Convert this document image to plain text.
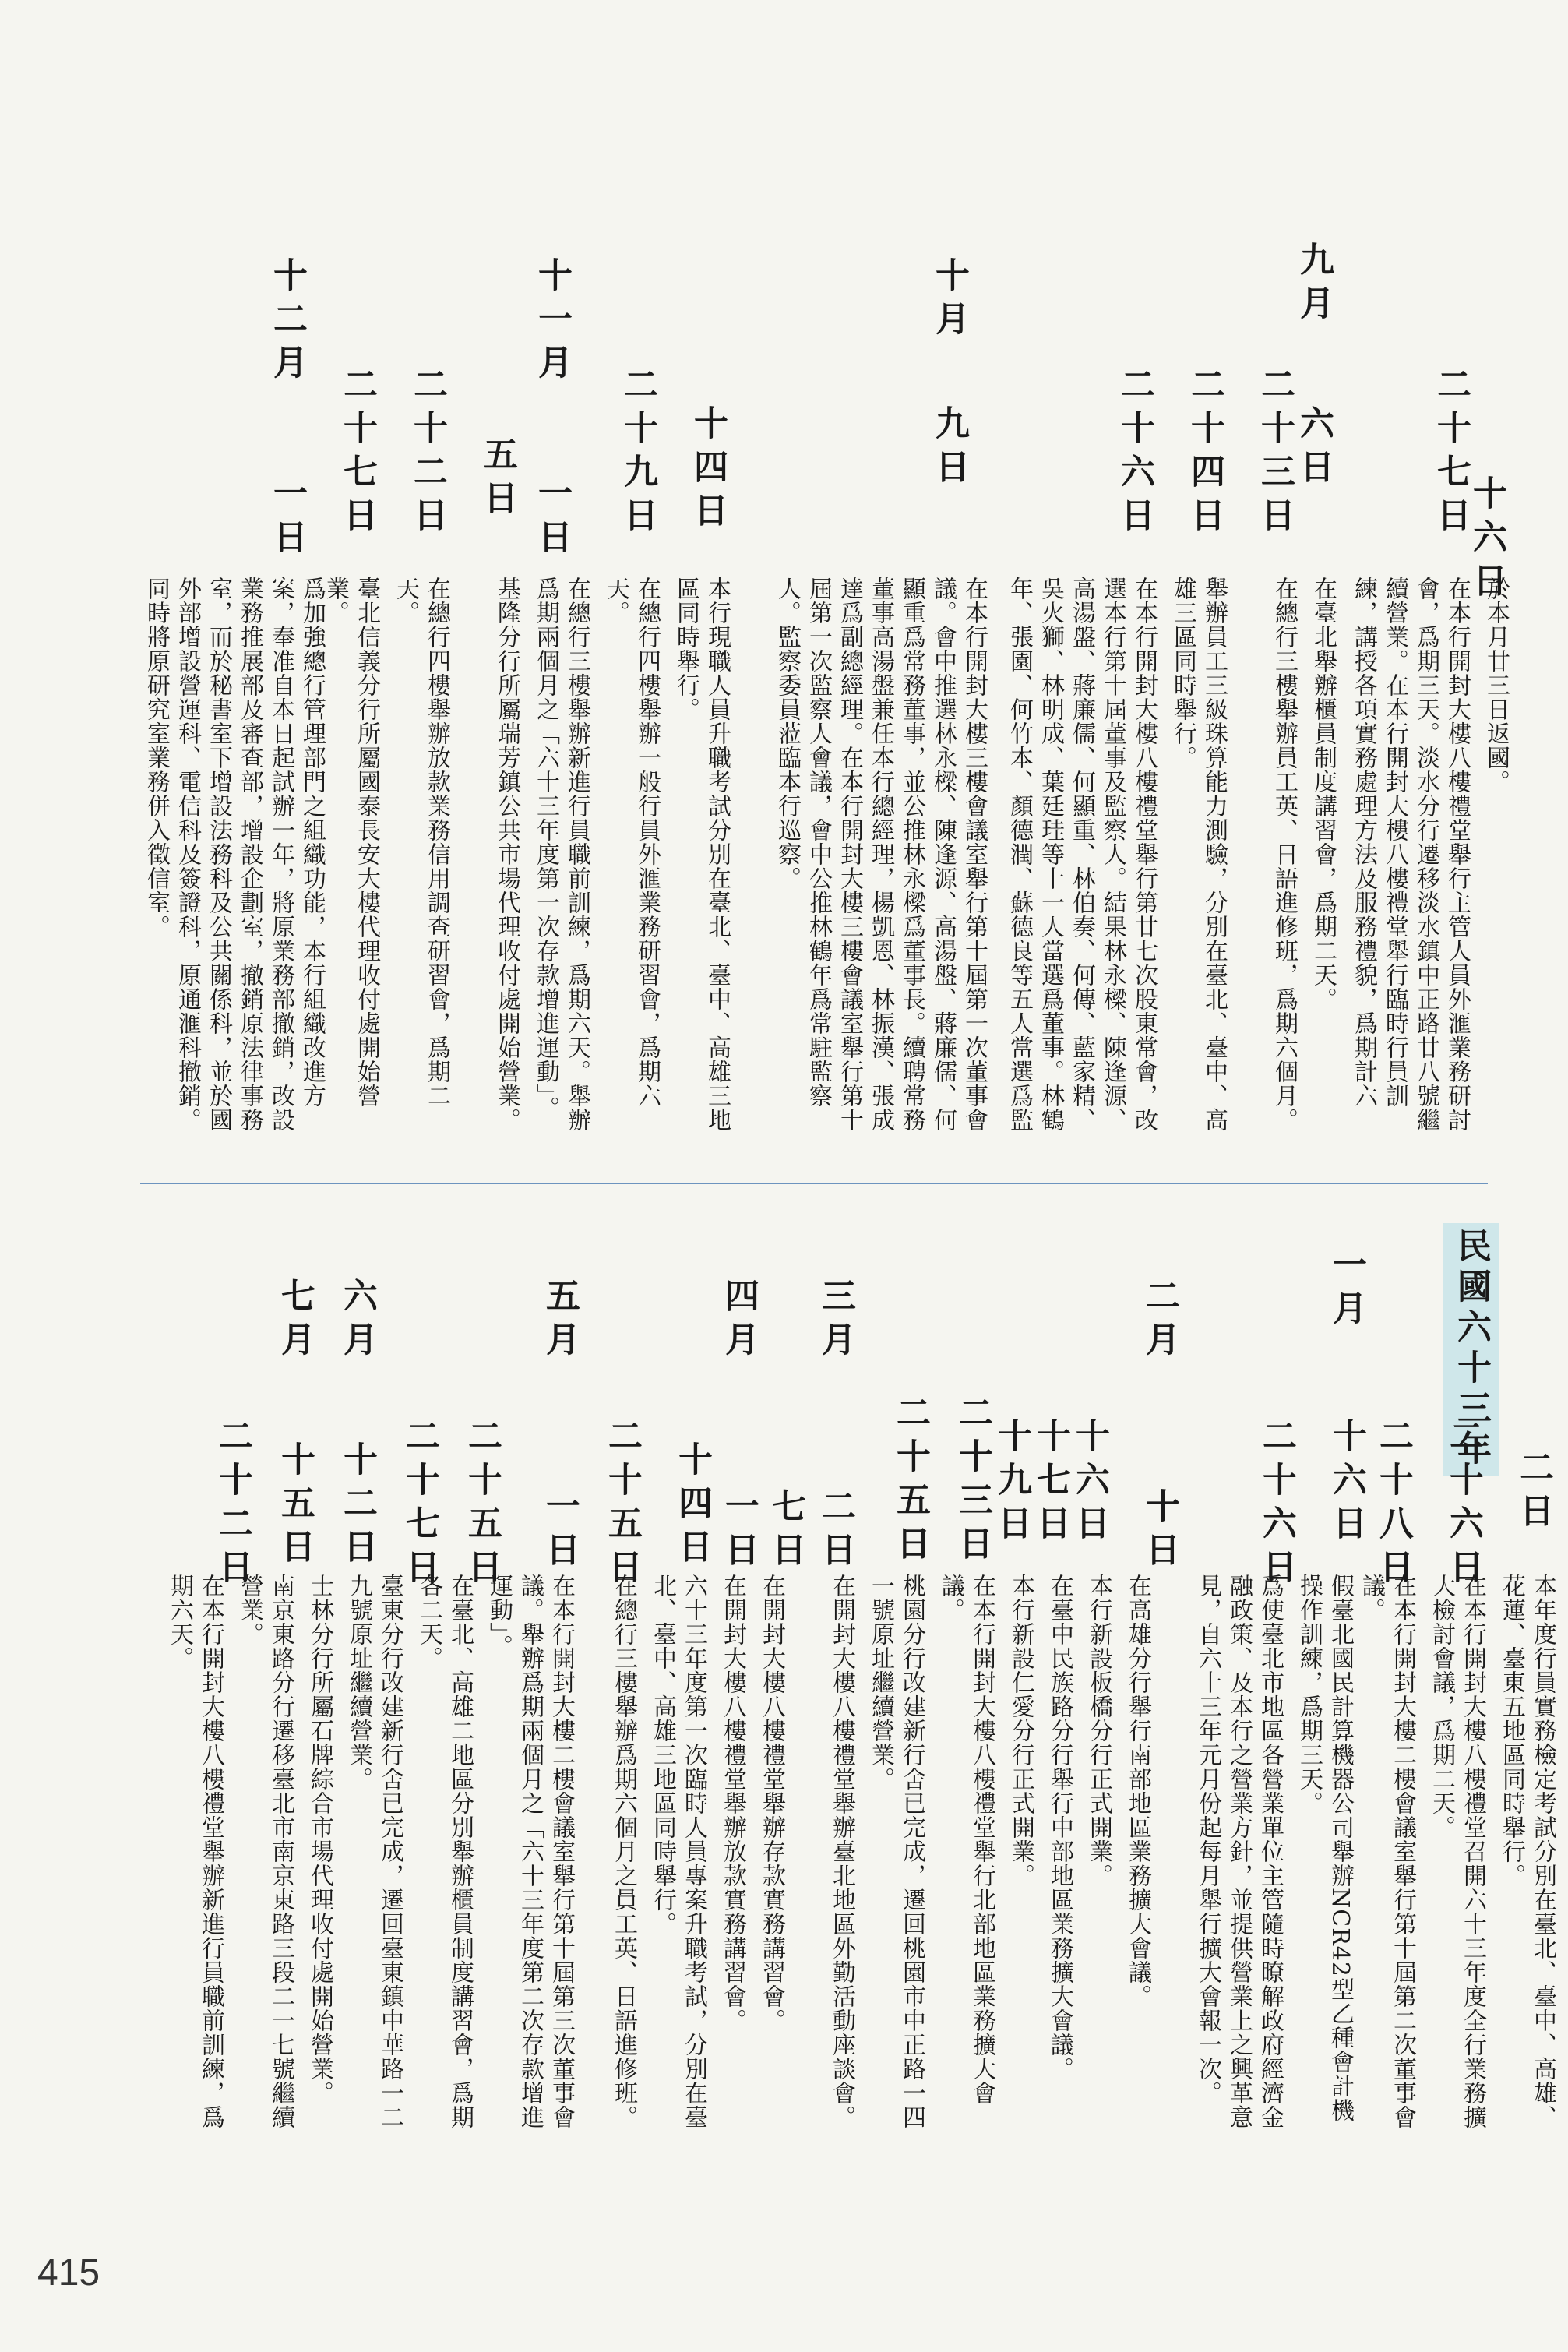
十六日
於本月廿三日返國。
二十七日
在本行開封大樓八樓禮堂舉行主管人員外滙業務研討會，爲期三天。淡水分行遷移淡水鎮中正路廿八號繼續營業。在本行開封大樓八樓禮堂舉行臨時行員訓練，講授各項實務處理方法及服務禮貌，爲期計六
九月
六日
在臺北舉辦櫃員制度講習會，爲期二天。
二十三日
在總行三樓舉辦員工英、日語進修班，爲期六個月。
二十四日
舉辦員工三級珠算能力測驗，分別在臺北、臺中、高雄三區同時舉行。
二十六日
在本行開封大樓八樓禮堂舉行第廿七次股東常會，改選本行第十屆董事及監察人。結果林永樑、陳逢源、高湯盤、蔣廉儒、何顯重、林伯奏、何傳、藍家精、吳火獅、林明成、葉廷珪等十一人當選爲董事。林鶴年、張園、何竹本、顏德潤、蘇德良等五人當選爲監
十月
九日
在本行開封大樓三樓會議室舉行第十屆第一次董事會議。會中推選林永樑、陳逢源、高湯盤、蔣廉儒、何顯重爲常務董事，並公推林永樑爲董事長。續聘常務董事高湯盤兼任本行總經理，楊凱恩、林振漢、張成達爲副總經理。在本行開封大樓三樓會議室舉行第十屆第一次監察人會議，會中公推林鶴年爲常駐監察人。監察委員蒞臨本行巡察。
十四日
本行現職人員升職考試分別在臺北、臺中、高雄三地區同時舉行。
二十九日
在總行四樓舉辦一般行員外滙業務研習會，爲期六天。
十一月
一日
在總行三樓舉辦新進行員職前訓練，爲期六天。舉辦爲期兩個月之「六十三年度第一次存款增進運動」。
五日
基隆分行所屬瑞芳鎮公共市場代理收付處開始營業。
二十二日
在總行四樓舉辦放款業務信用調查研習會，爲期二天。
二十七日
臺北信義分行所屬國泰長安大樓代理收付處開始營業。
十二月
一日
爲加強總行管理部門之組織功能，本行組織改進方案，奉准自本日起試辦一年，將原業務部撤銷，改設業務推展部及審查部，增設企劃室，撤銷原法律事務室，而於秘書室下增設法務科及公共關係科，並於國外部增設營運科、電信科及簽證科，原通滙科撤銷。同時將原研究室業務併入徵信室。
民國六十三年
二日
本年度行員實務檢定考試分別在臺北、臺中、高雄、花蓮、臺東五地區同時舉行。
二十六日
在本行開封大樓八樓禮堂召開六十三年度全行業務擴大檢討會議，爲期二天。
二十八日
在本行開封大樓二樓會議室舉行第十屆第二次董事會議。
一月
十六日
假臺北國民計算機器公司舉辦NCR42型乙種會計機操作訓練，爲期三天。
二十六日
爲使臺北市地區各營業單位主管隨時瞭解政府經濟金融政策、及本行之營業方針，並提供營業上之興革意見，自六十三年元月份起每月舉行擴大會報一次。
二月
十日
在高雄分行舉行南部地區業務擴大會議。
十六日
本行新設板橋分行正式開業。
十七日
在臺中民族路分行舉行中部地區業務擴大會議。
十九日
本行新設仁愛分行正式開業。
二十三日
在本行開封大樓八樓禮堂舉行北部地區業務擴大會議。
二十五日
桃園分行改建新行舍已完成，遷回桃園市中正路一四一號原址繼續營業。
三月
二日
在開封大樓八樓禮堂舉辦臺北地區外勤活動座談會。
七日
在開封大樓八樓禮堂舉辦存款實務講習會。
四月
一日
在開封大樓八樓禮堂舉辦放款實務講習會。
十四日
六十三年度第一次臨時人員專案升職考試，分別在臺北、臺中、高雄三地區同時舉行。
二十五日
在總行三樓舉辦爲期六個月之員工英、日語進修班。
五月
一日
在本行開封大樓二樓會議室舉行第十屆第三次董事會議。舉辦爲期兩個月之「六十三年度第二次存款增進運動」。
二十五日
在臺北、高雄二地區分別舉辦櫃員制度講習會，爲期各二天。
二十七日
臺東分行改建新行舍已完成，遷回臺東鎮中華路一二九號原址繼續營業。
六月
十二日
士林分行所屬石牌綜合市場代理收付處開始營業。
七月
十五日
南京東路分行遷移臺北市南京東路三段二一七號繼續營業。
二十二日
在本行開封大樓八樓禮堂舉辦新進行員職前訓練，爲期六天。
415
